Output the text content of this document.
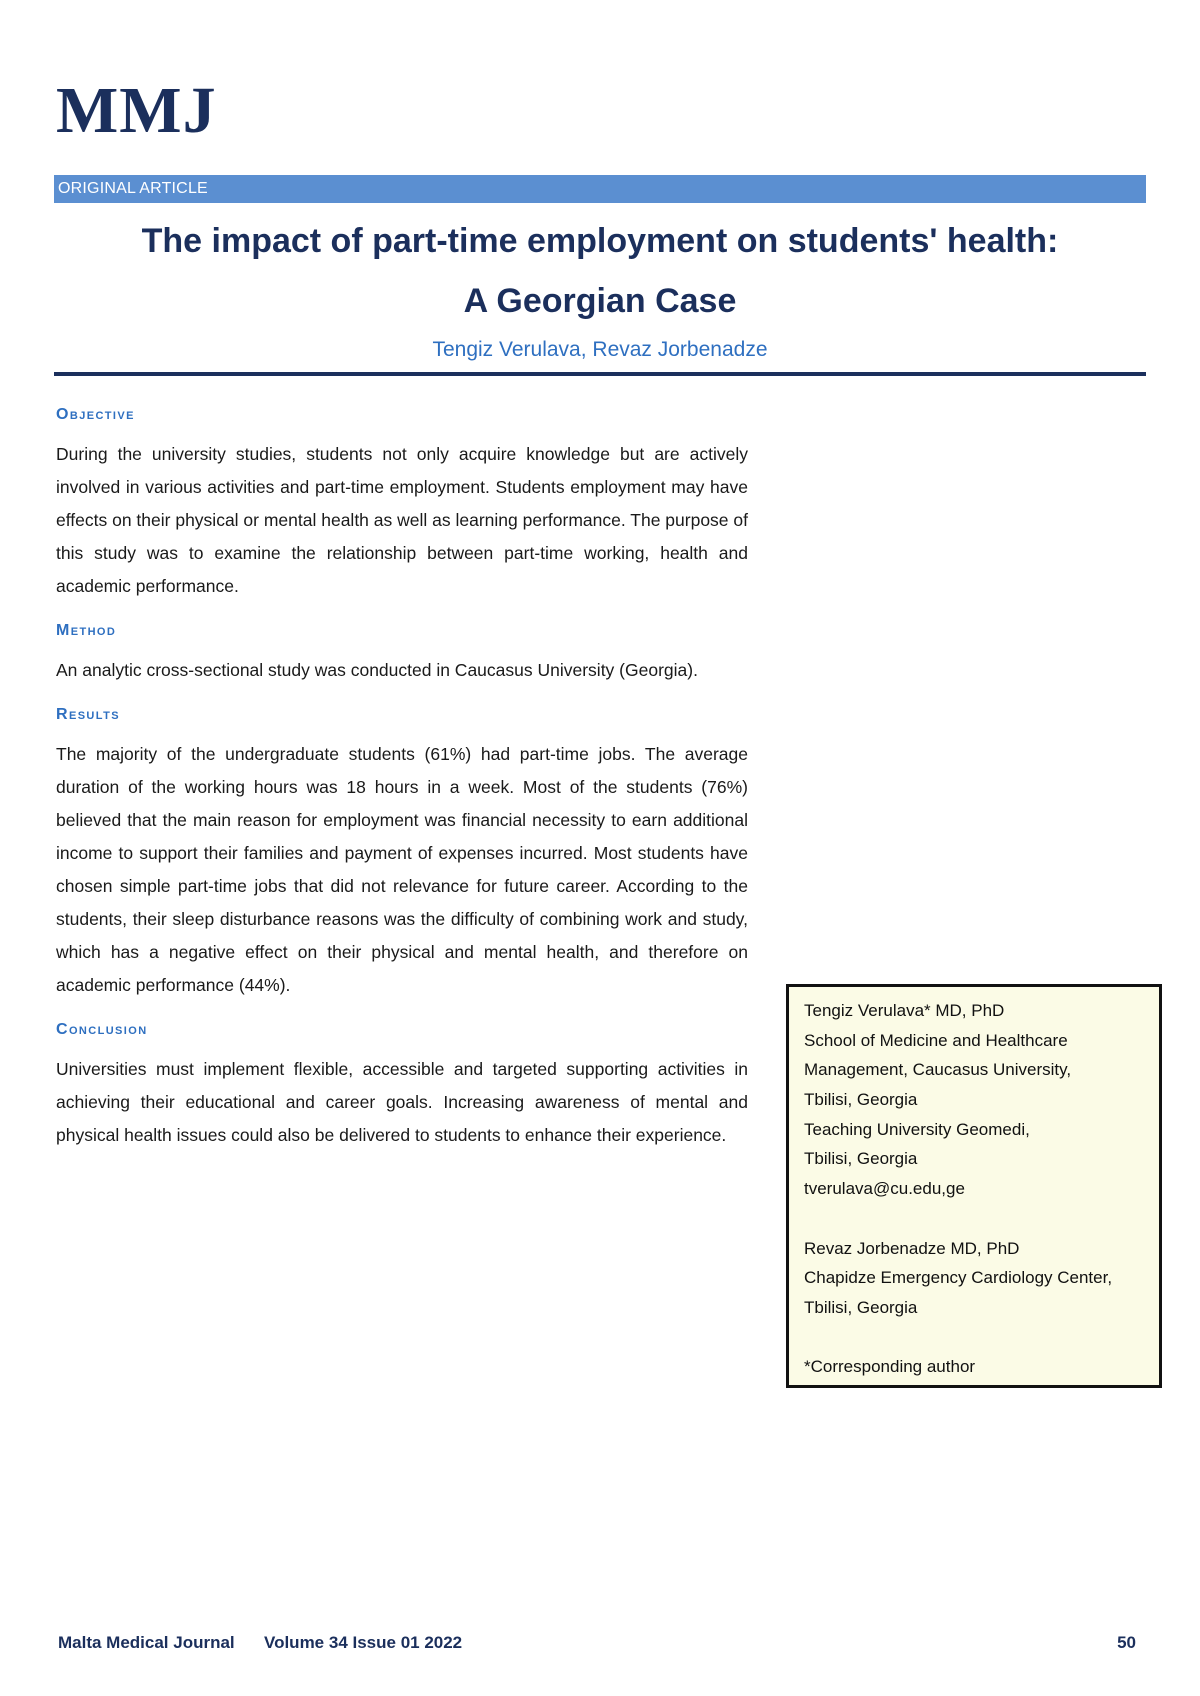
MMJ
ORIGINAL ARTICLE
The impact of part-time employment on students' health:
A Georgian Case
Tengiz Verulava, Revaz Jorbenadze
Objective

During the university studies, students not only acquire knowledge but are actively involved in various activities and part-time employment. Students employment may have effects on their physical or mental health as well as learning performance. The purpose of this study was to examine the relationship between part-time working, health and academic performance.

Method

An analytic cross-sectional study was conducted in Caucasus University (Georgia).

Results

The majority of the undergraduate students (61%) had part-time jobs. The average duration of the working hours was 18 hours in a week. Most of the students (76%) believed that the main reason for employment was financial necessity to earn additional income to support their families and payment of expenses incurred. Most students have chosen simple part-time jobs that did not relevance for future career. According to the students, their sleep disturbance reasons was the difficulty of combining work and study, which has a negative effect on their physical and mental health, and therefore on academic performance (44%).

Conclusion

Universities must implement flexible, accessible and targeted supporting activities in achieving their educational and career goals. Increasing awareness of mental and physical health issues could also be delivered to students to enhance their experience.

Tengiz Verulava* MD, PhD
School of Medicine and Healthcare
Management, Caucasus University,
Tbilisi, Georgia
Teaching University Geomedi,
Tbilisi, Georgia
tverulava@cu.edu,ge
Revaz Jorbenadze MD, PhD
Chapidze Emergency Cardiology Center,
Tbilisi, Georgia
*Corresponding author
Malta Medical Journal Volume 34 Issue 01 2022	50
